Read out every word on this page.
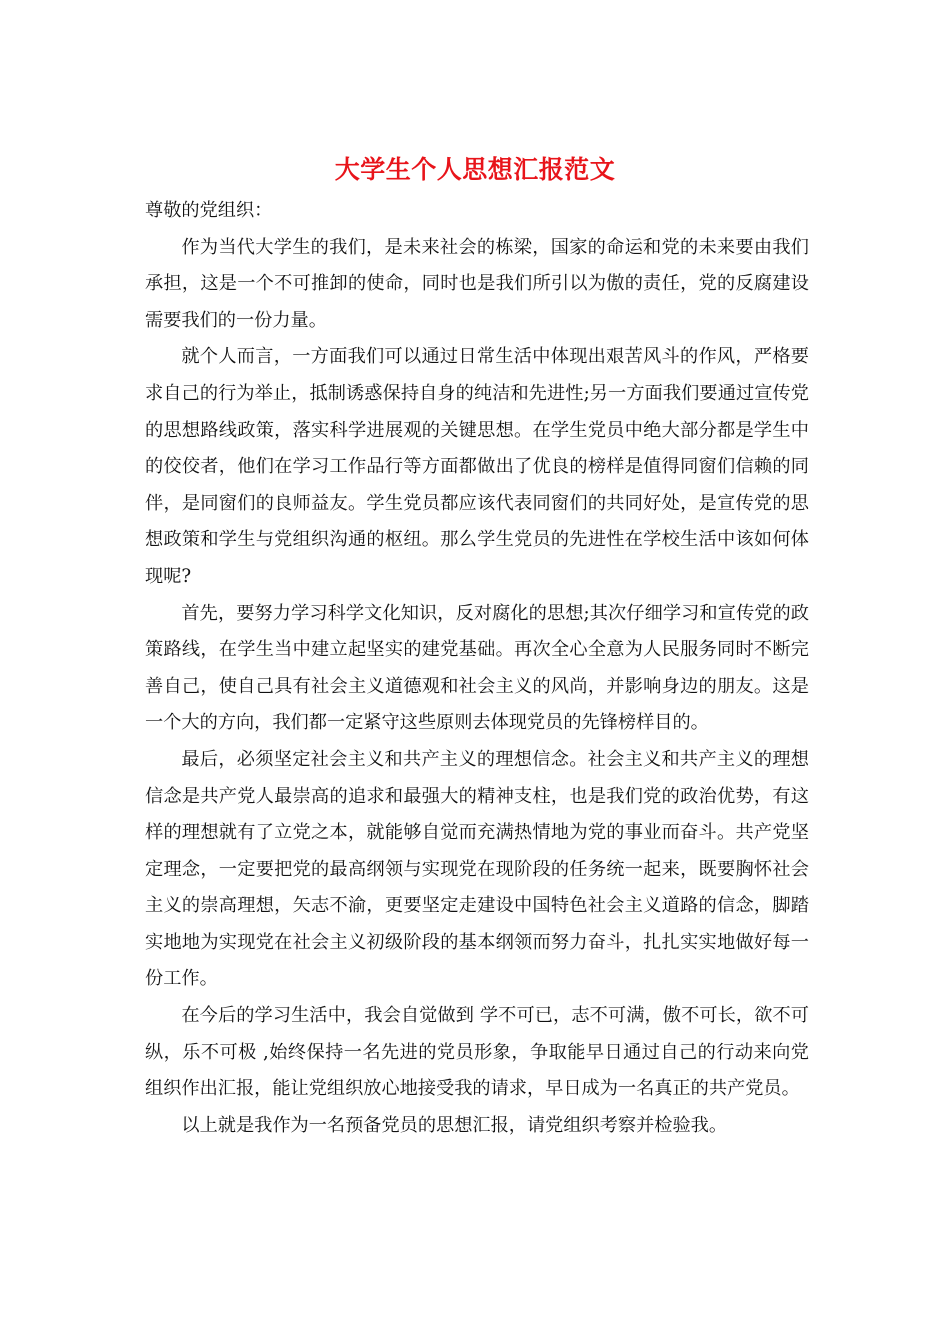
大学生个人思想汇报范文

尊敬的党组织：

作为当代大学生的我们，是未来社会的栋梁，国家的命运和党的未来要由我们承担，这是一个不可推卸的使命，同时也是我们所引以为傲的责任，党的反腐建设需要我们的一份力量。

就个人而言，一方面我们可以通过日常生活中体现出艰苦风斗的作风，严格要求自己的行为举止，抵制诱惑保持自身的纯洁和先进性;另一方面我们要通过宣传党的思想路线政策，落实科学进展观的关键思想。在学生党员中绝大部分都是学生中的佼佼者，他们在学习工作品行等方面都做出了优良的榜样是值得同窗们信赖的同伴，是同窗们的良师益友。学生党员都应该代表同窗们的共同好处，是宣传党的思想政策和学生与党组织沟通的枢纽。那么学生党员的先进性在学校生活中该如何体现呢?

首先，要努力学习科学文化知识，反对腐化的思想;其次仔细学习和宣传党的政策路线，在学生当中建立起坚实的建党基础。再次全心全意为人民服务同时不断完善自己，使自己具有社会主义道德观和社会主义的风尚，并影响身边的朋友。这是一个大的方向，我们都一定紧守这些原则去体现党员的先锋榜样目的。

最后，必须坚定社会主义和共产主义的理想信念。社会主义和共产主义的理想信念是共产党人最崇高的追求和最强大的精神支柱，也是我们党的政治优势，有这样的理想就有了立党之本，就能够自觉而充满热情地为党的事业而奋斗。共产党坚定理念，一定要把党的最高纲领与实现党在现阶段的任务统一起来，既要胸怀社会主义的崇高理想，矢志不渝，更要坚定走建设中国特色社会主义道路的信念，脚踏实地地为实现党在社会主义初级阶段的基本纲领而努力奋斗，扎扎实实地做好每一份工作。

在今后的学习生活中，我会自觉做到 学不可已，志不可满，傲不可长，欲不可纵，乐不可极 ,始终保持一名先进的党员形象，争取能早日通过自己的行动来向党组织作出汇报，能让党组织放心地接受我的请求，早日成为一名真正的共产党员。

以上就是我作为一名预备党员的思想汇报，请党组织考察并检验我。
